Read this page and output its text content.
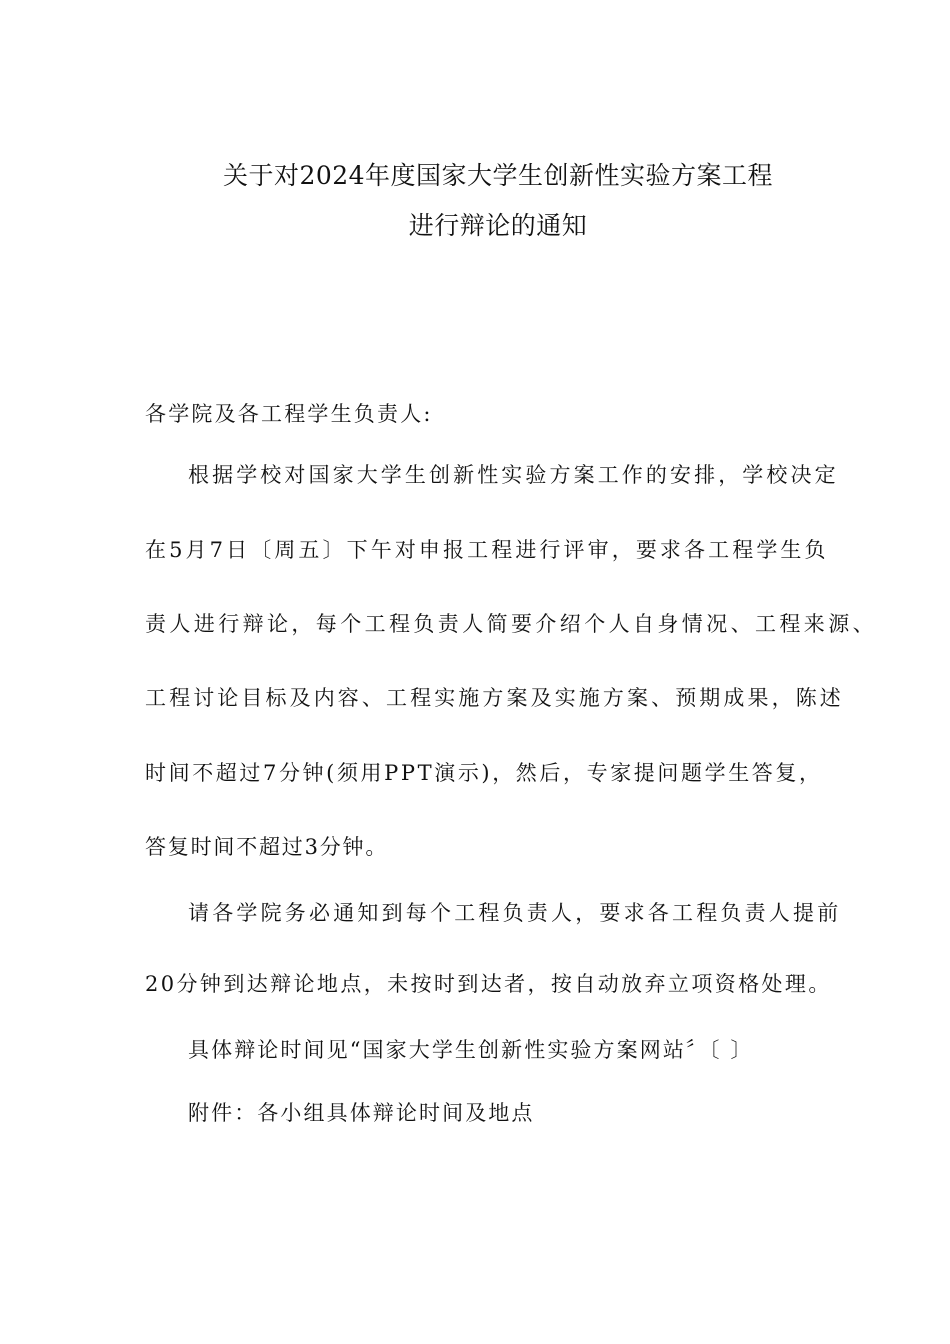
关于对2024年度国家大学生创新性实验方案工程
进行辩论的通知
各学院及各工程学生负责人:
根据学校对国家大学生创新性实验方案工作的安排，学校决定
在5月7日〔周五〕下午对申报工程进行评审，要求各工程学生负
责人进行辩论，每个工程负责人简要介绍个人自身情况、工程来源、
工程讨论目标及内容、工程实施方案及实施方案、预期成果，陈述
时间不超过7分钟(须用PPT演示)，然后，专家提问题学生答复，
答复时间不超过3分钟。
请各学院务必通知到每个工程负责人，要求各工程负责人提前
20分钟到达辩论地点，未按时到达者，按自动放弃立项资格处理。
具体辩论时间见“国家大学生创新性实验方案网站〞〔 〕
附件：各小组具体辩论时间及地点
